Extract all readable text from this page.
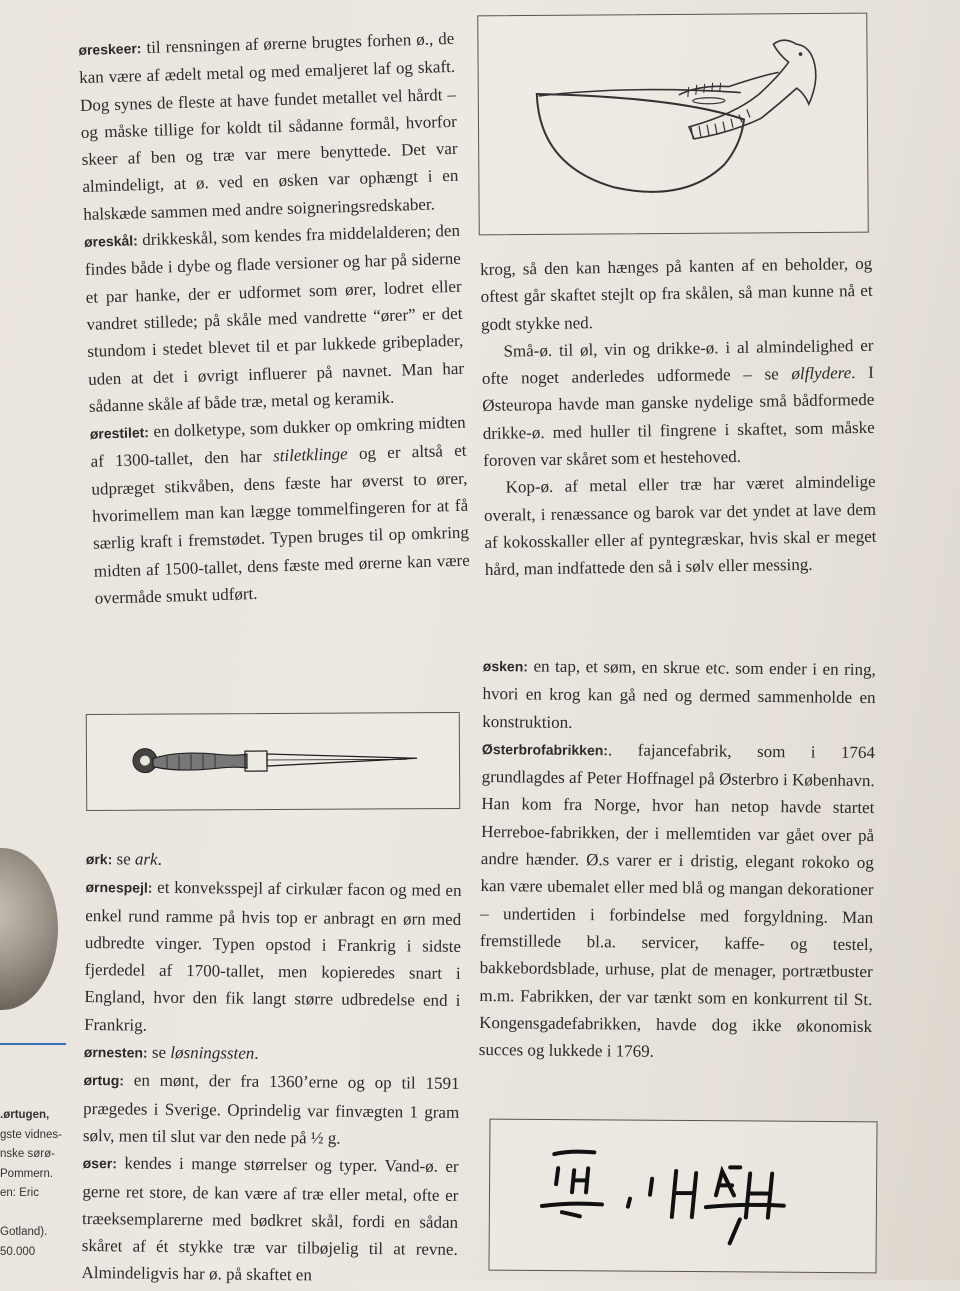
øreskeer: til rensningen af ørerne brugtes forhen ø., de kan være af ædelt metal og med emaljeret laf og skaft. Dog synes de fleste at have fundet metallet vel hårdt – og måske tillige for koldt til sådanne formål, hvorfor skeer af ben og træ var mere benyttede. Det var almindeligt, at ø. ved en øsken var ophængt i en halskæde sammen med andre soigneringsredskaber.

øreskål: drikkeskål, som kendes fra middelalderen; den findes både i dybe og flade versioner og har på siderne et par hanke, der er udformet som ører, lodret eller vandret stillede; på skåle med vandrette “ører” er det stundom i stedet blevet til et par lukkede gribeplader, uden at det i øvrigt influerer på navnet. Man har sådanne skåle af både træ, metal og keramik.

ørestilet: en dolketype, som dukker op omkring midten af 1300-tallet, den har stiletklinge og er altså et udpræget stikvåben, dens fæste har øverst to ører, hvorimellem man kan lægge tommelfingeren for at få særlig kraft i fremstødet. Typen bruges til op omkring midten af 1500-tallet, dens fæste med ørerne kan være overmåde smukt udført.

ørk: se ark.

ørnespejl: et konveksspejl af cirkulær facon og med en enkel rund ramme på hvis top er anbragt en ørn med udbredte vinger. Typen opstod i Frankrig i sidste fjerdedel af 1700-tallet, men kopieredes snart i England, hvor den fik langt større udbredelse end i Frankrig.

ørnesten: se løsningssten.

ørtug: en mønt, der fra 1360’erne og op til 1591 prægedes i Sverige. Oprindelig var finvægten 1 gram sølv, men til slut var den nede på ½ g.

øser: kendes i mange størrelser og typer. Vand-ø. er gerne ret store, de kan være af træ eller metal, ofte er træeksemplarerne med bødkret skål, fordi en sådan skåret af ét stykke træ var tilbøjelig til at revne. Almindeligvis har ø. på skaftet en

krog, så den kan hænges på kanten af en beholder, og oftest går skaftet stejlt op fra skålen, så man kunne nå et godt stykke ned.

Små-ø. til øl, vin og drikke-ø. i al almindelighed er ofte noget anderledes udformede – se ølflydere. I Østeuropa havde man ganske nydelige små bådformede drikke-ø. med huller til fingrene i skaftet, som måske foroven var skåret som et hestehoved.

Kop-ø. af metal eller træ har været almindelige overalt, i renæssance og barok var det yndet at lave dem af kokosskaller eller af pyntegræskar, hvis skal er meget hård, man indfattede den så i sølv eller messing.

øsken: en tap, et søm, en skrue etc. som ender i en ring, hvori en krog kan gå ned og dermed sammenholde en konstruktion.

Østerbrofabrikken:. fajancefabrik, som i 1764 grundlagdes af Peter Hoffnagel på Østerbro i København. Han kom fra Norge, hvor han netop havde startet Herreboe-fabrikken, der i mellemtiden var gået over på andre hænder. Ø.s varer er i dristig, elegant rokoko og kan være ubemalet eller med blå og mangan dekorationer – undertiden i forbindelse med forgyldning. Man fremstillede bl.a. servicer, kaffe- og testel, bakkebordsblade, urhuse, plat de menager, portrætbuster m.m. Fabrikken, der var tænkt som en konkurrent til St. Kongensgadefabrikken, havde dog ikke økonomisk succes og lukkede i 1769.

.ørtugen,

gste vidnes-

nske sørø-

Pommern.

en: Eric

Gotland).

50.000
